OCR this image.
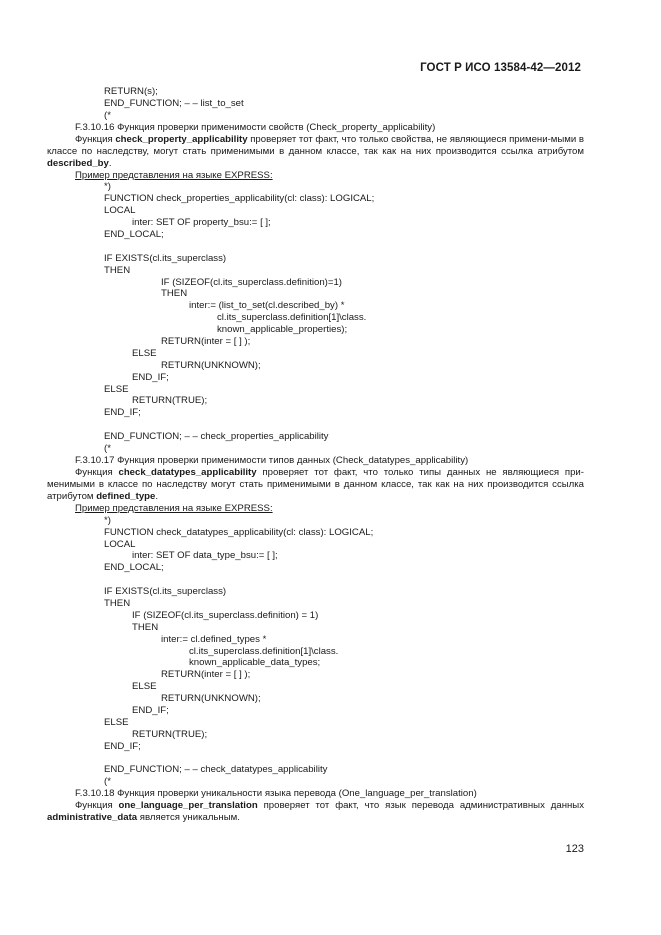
ГОСТ Р ИСО 13584-42—2012
RETURN(s);
END_FUNCTION; – – list_to_set
(*
F.3.10.16 Функция проверки применимости свойств (Check_property_applicability)
Функция check_property_applicability проверяет тот факт, что только свойства, не являющиеся примени-мыми в классе по наследству, могут стать применимыми в данном классе, так как на них производится ссылка атрибутом described_by.
Пример представления на языке EXPRESS:
*)
FUNCTION check_properties_applicability(cl: class): LOGICAL;
LOCAL
inter: SET OF property_bsu:= [ ];
END_LOCAL;
IF EXISTS(cl.its_superclass)
THEN
IF (SIZEOF(cl.its_superclass.definition)=1)
THEN
inter:= (list_to_set(cl.described_by) *
cl.its_superclass.definition[1]\class.
known_applicable_properties);
RETURN(inter = [ ] );
ELSE
RETURN(UNKNOWN);
END_IF;
ELSE
RETURN(TRUE);
END_IF;
END_FUNCTION; – – check_properties_applicability
(*
F.3.10.17 Функция проверки применимости типов данных (Check_datatypes_applicability)
Функция check_datatypes_applicability проверяет тот факт, что только типы данных не являющиеся при-менимыми в классе по наследству могут стать применимыми в данном классе, так как на них производится ссылка атрибутом defined_type.
Пример представления на языке EXPRESS:
*)
FUNCTION check_datatypes_applicability(cl: class): LOGICAL;
LOCAL
inter: SET OF data_type_bsu:= [ ];
END_LOCAL;
IF EXISTS(cl.its_superclass)
THEN
IF (SIZEOF(cl.its_superclass.definition) = 1)
THEN
inter:= cl.defined_types *
cl.its_superclass.definition[1]\class.
known_applicable_data_types;
RETURN(inter = [ ] );
ELSE
RETURN(UNKNOWN);
END_IF;
ELSE
RETURN(TRUE);
END_IF;
END_FUNCTION; – – check_datatypes_applicability
(*
F.3.10.18 Функция проверки уникальности языка перевода (One_language_per_translation)
Функция one_language_per_translation проверяет тот факт, что язык перевода административных данных administrative_data является уникальным.
123
